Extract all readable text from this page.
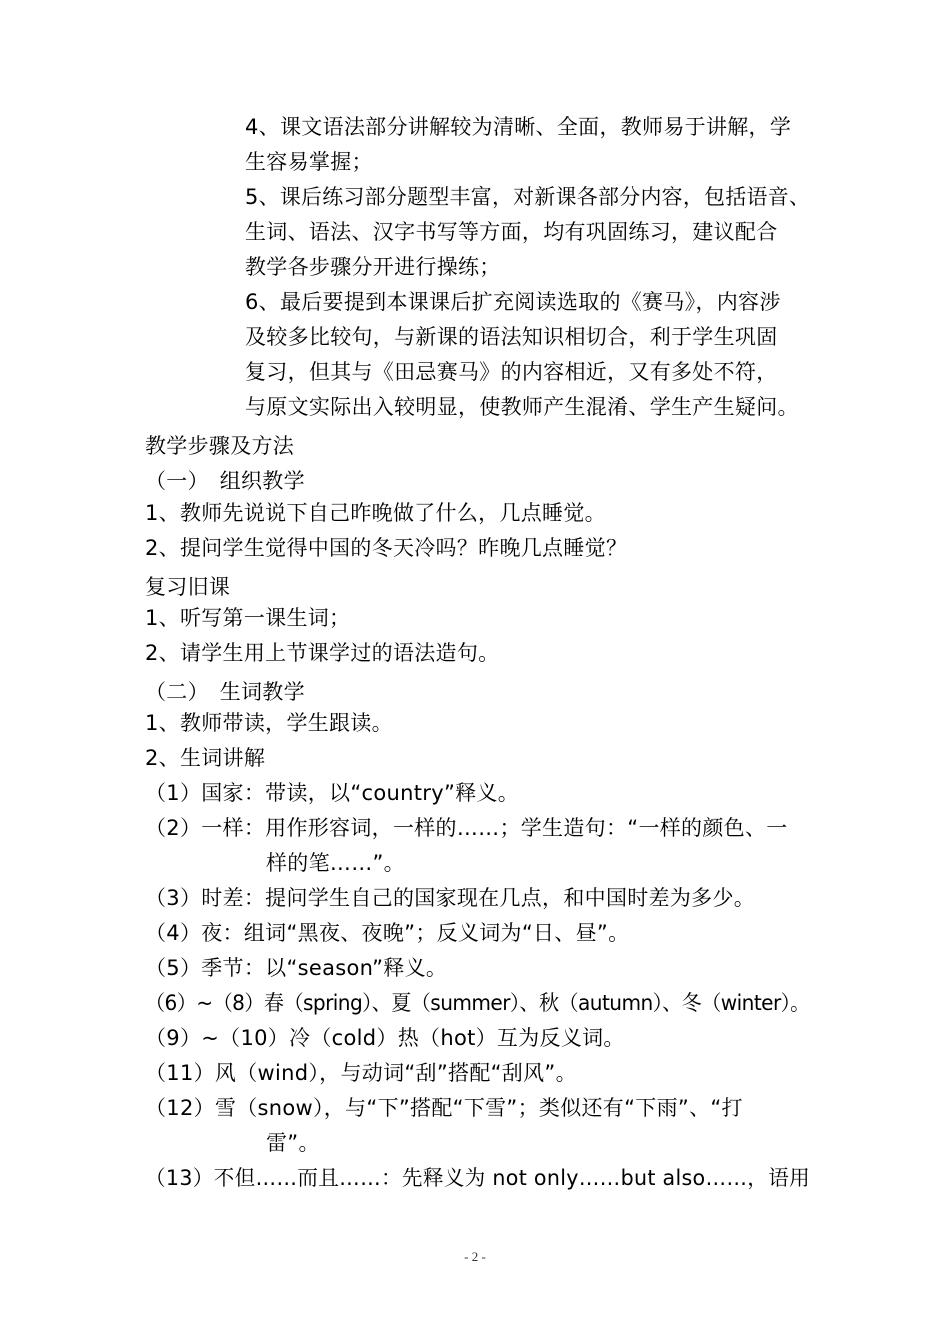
4、课文语法部分讲解较为清晰、全面，教师易于讲解，学
生容易掌握；
5、课后练习部分题型丰富，对新课各部分内容，包括语音、
生词、语法、汉字书写等方面，均有巩固练习，建议配合
教学各步骤分开进行操练；
6、最后要提到本课课后扩充阅读选取的《赛马》，内容涉
及较多比较句，与新课的语法知识相切合，利于学生巩固
复习，但其与《田忌赛马》的内容相近，又有多处不符，
与原文实际出入较明显，使教师产生混淆、学生产生疑问。
教学步骤及方法
（一）　组织教学
1、教师先说说下自己昨晚做了什么，几点睡觉。
2、提问学生觉得中国的冬天冷吗？昨晚几点睡觉？
复习旧课
1、听写第一课生词；
2、请学生用上节课学过的语法造句。
（二）　生词教学
1、教师带读，学生跟读。
2、生词讲解
（1）国家：带读，以“country”释义。
（2）一样：用作形容词，一样的……；学生造句：“一样的颜色、一
样的笔……”。
（3）时差：提问学生自己的国家现在几点，和中国时差为多少。
（4）夜：组词“黑夜、夜晚”；反义词为“日、昼”。
（5）季节：以“season”释义。
（6）~（8）春（spring）、夏（summer）、秋（autumn）、冬（winter）。
（9）~（10）冷（cold）热（hot）互为反义词。
（11）风（wind），与动词“刮”搭配“刮风”。
（12）雪（snow），与“下”搭配“下雪”；类似还有“下雨”、“打
雷”。
（13）不但……而且……：先释义为 not only……but also……，语用
- 2 -
